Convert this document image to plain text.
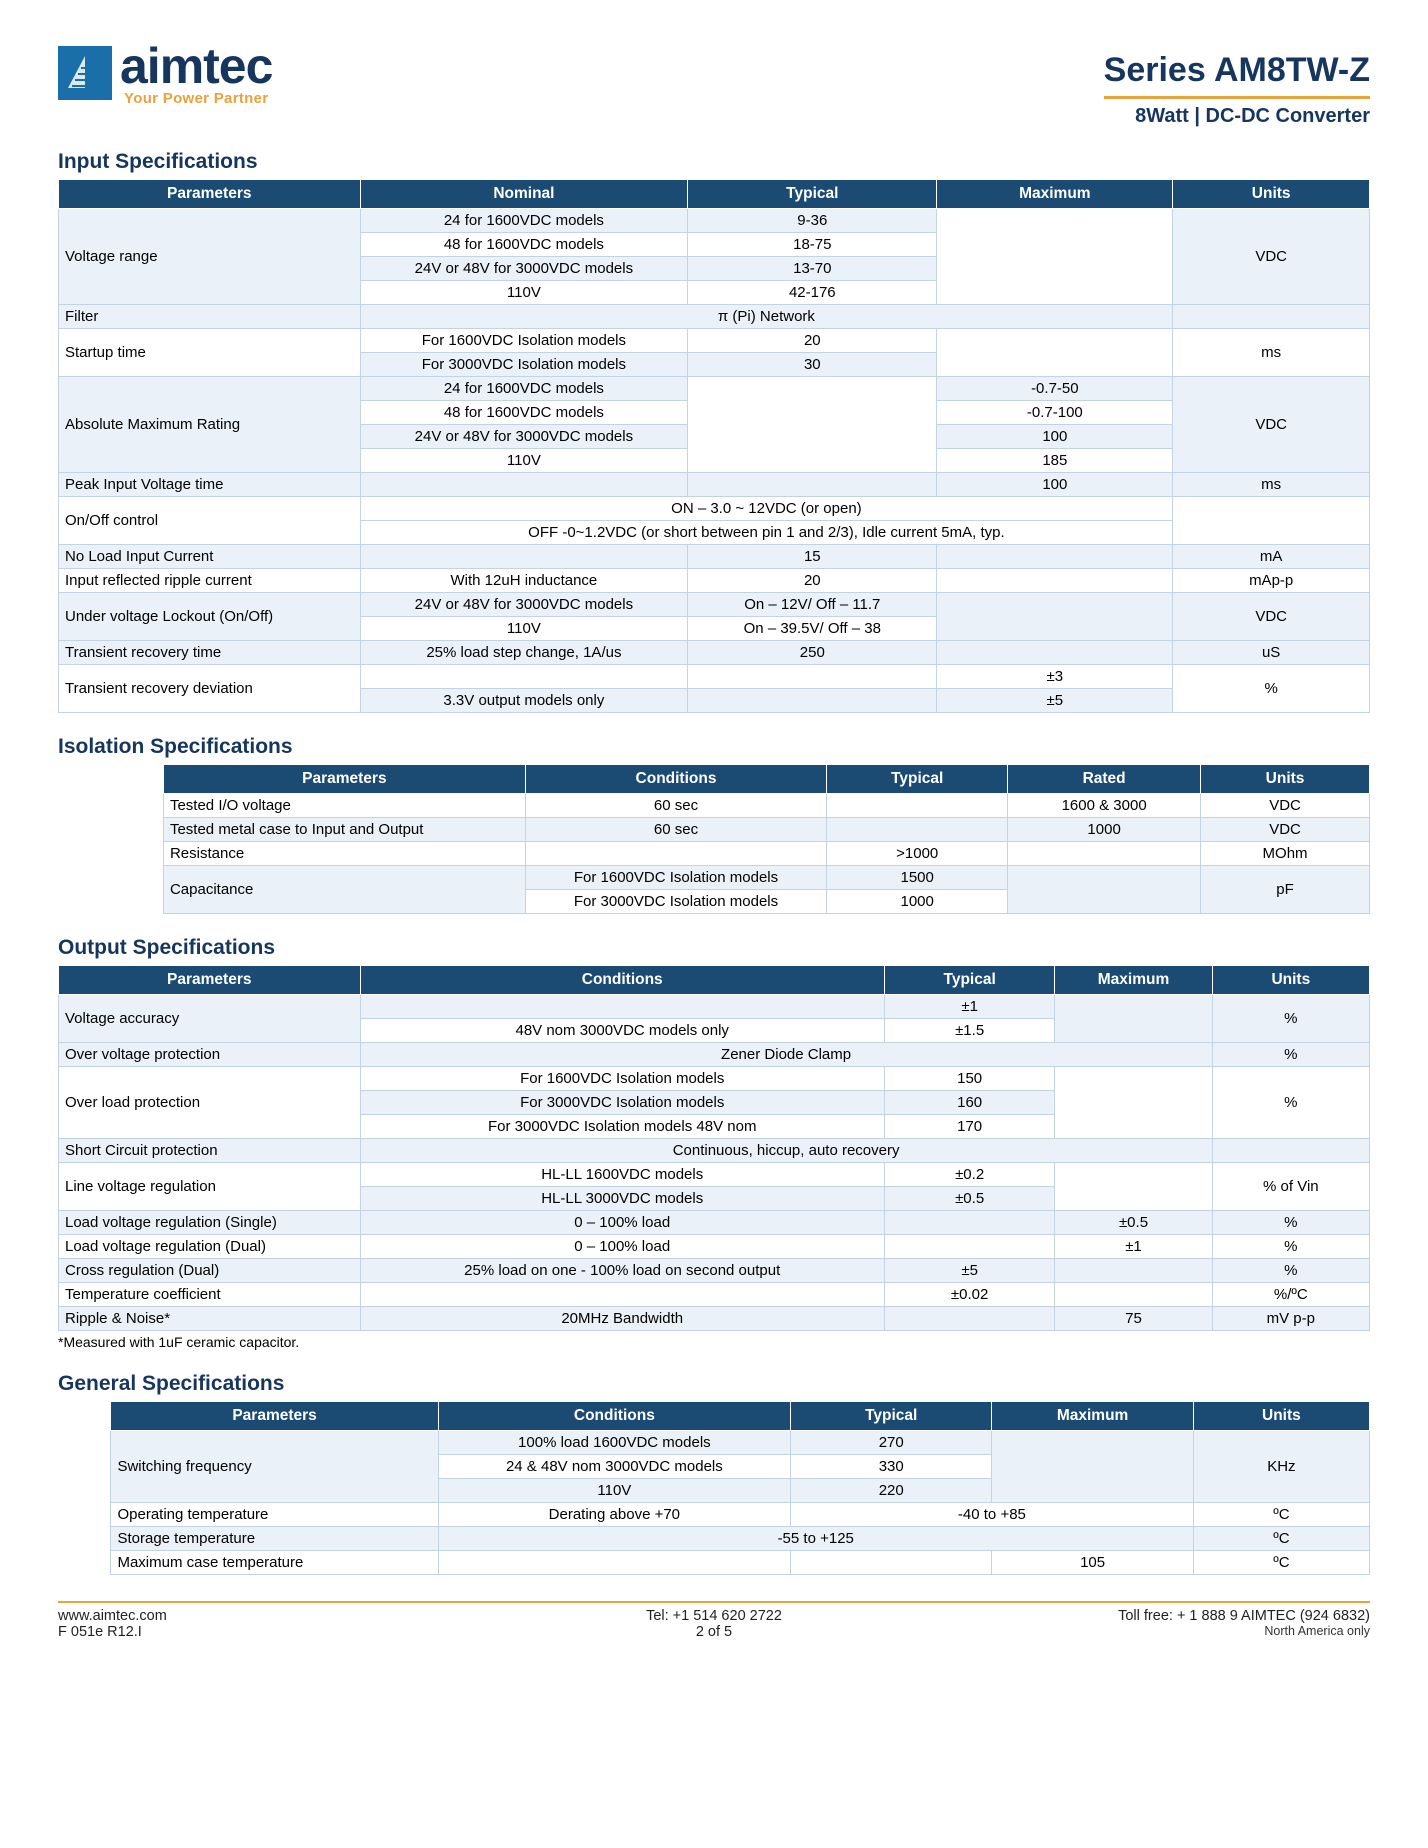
aimtec
Your Power Partner
Series AM8TW-Z
8Watt | DC-DC Converter
Input Specifications
Parameters	Nominal	Typical	Maximum	Units
Voltage range	24 for 1600VDC models	9-36		VDC
	48 for 1600VDC models	18-75		
	24V or 48V for 3000VDC models	13-70		
	110V	42-176		
Filter	π (Pi) Network			
Startup time	For 1600VDC Isolation models	20		ms
	For 3000VDC Isolation models	30		
Absolute Maximum Rating	24 for 1600VDC models		-0.7-50	VDC
	48 for 1600VDC models		-0.7-100	
	24V or 48V for 3000VDC models		100	
	110V		185	
Peak Input Voltage time			100	ms
On/Off control	ON – 3.0 ~ 12VDC (or open)			
	OFF -0~1.2VDC (or short between pin 1 and 2/3), Idle current 5mA, typ.			
No Load Input Current		15		mA
Input reflected ripple current	With 12uH inductance	20		mAp-p
Under voltage Lockout (On/Off)	24V or 48V for 3000VDC models	On – 12V/ Off – 11.7		VDC
	110V	On – 39.5V/ Off – 38		
Transient recovery time	25% load step change, 1A/us	250		uS
Transient recovery deviation			±3	%
	3.3V output models only		±5	
Isolation Specifications
Parameters	Conditions	Typical	Rated	Units
Tested I/O voltage	60 sec		1600 & 3000	VDC
Tested metal case to Input and Output	60 sec		1000	VDC
Resistance		>1000		MOhm
Capacitance	For 1600VDC Isolation models	1500		pF
	For 3000VDC Isolation models	1000		
Output Specifications
Parameters	Conditions	Typical	Maximum	Units
Voltage accuracy		±1		%
	48V nom 3000VDC models only	±1.5		
Over voltage protection	Zener Diode Clamp			%
Over load protection	For 1600VDC Isolation models	150		%
	For 3000VDC Isolation models	160		
	For 3000VDC Isolation models 48V nom	170		
Short Circuit protection	Continuous, hiccup, auto recovery			
Line voltage regulation	HL-LL 1600VDC models	±0.2		% of Vin
	HL-LL 3000VDC models	±0.5		
Load voltage regulation (Single)	0 – 100% load		±0.5	%
Load voltage regulation (Dual)	0 – 100% load		±1	%
Cross regulation (Dual)	25% load on one - 100% load on second output	±5		%
Temperature coefficient		±0.02		%/ºC
Ripple & Noise*	20MHz Bandwidth		75	mV p-p
*Measured with 1uF ceramic capacitor.
General Specifications
Parameters	Conditions	Typical	Maximum	Units
Switching frequency	100% load 1600VDC models	270		KHz
	24 & 48V nom 3000VDC models	330		
	110V	220		
Operating temperature	Derating above +70	-40 to +85		ºC
Storage temperature	-55 to +125			ºC
Maximum case temperature			105	ºC
www.aimtec.com	Tel: +1 514 620 2722	Toll free: + 1 888 9 AIMTEC (924 6832)
F 051e R12.I	2 of 5	North America only
